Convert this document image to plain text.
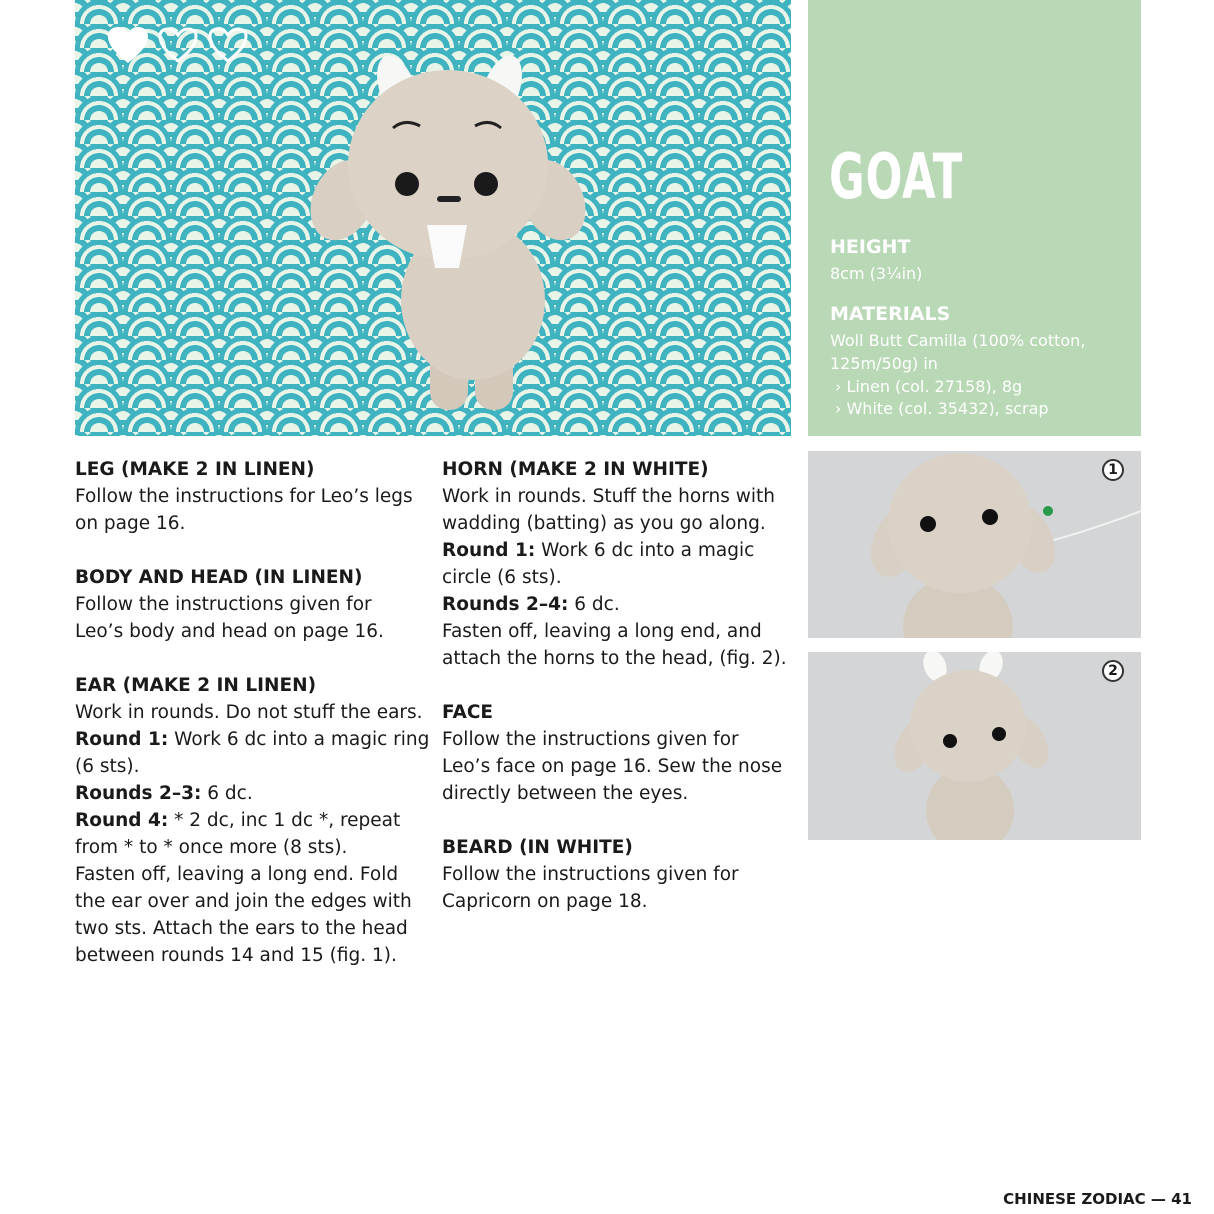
GOAT
HEIGHT
8cm (3¼in)
MATERIALS
Woll Butt Camilla (100% cotton,
125m/50g) in
› Linen (col. 27158), 8g
› White (col. 35432), scrap

LEG (MAKE 2 IN LINEN)

Follow the instructions for Leo’s legs

on page 16.

BODY AND HEAD (IN LINEN)

Follow the instructions given for

Leo’s body and head on page 16.

EAR (MAKE 2 IN LINEN)

Work in rounds. Do not stuff the ears.

Round 1: Work 6 dc into a magic ring

(6 sts).

Rounds 2–3: 6 dc.

Round 4: * 2 dc, inc 1 dc *, repeat

from * to * once more (8 sts).

Fasten off, leaving a long end. Fold

the ear over and join the edges with

two sts. Attach the ears to the head

between rounds 14 and 15 (fig. 1).

HORN (MAKE 2 IN WHITE)

Work in rounds. Stuff the horns with

wadding (batting) as you go along.

Round 1: Work 6 dc into a magic

circle (6 sts).

Rounds 2–4: 6 dc.

Fasten off, leaving a long end, and

attach the horns to the head, (fig. 2).

FACE

Follow the instructions given for

Leo’s face on page 16. Sew the nose

directly between the eyes.

BEARD (IN WHITE)

Follow the instructions given for

Capricorn on page 18.

1
2
CHINESE ZODIAC — 41
